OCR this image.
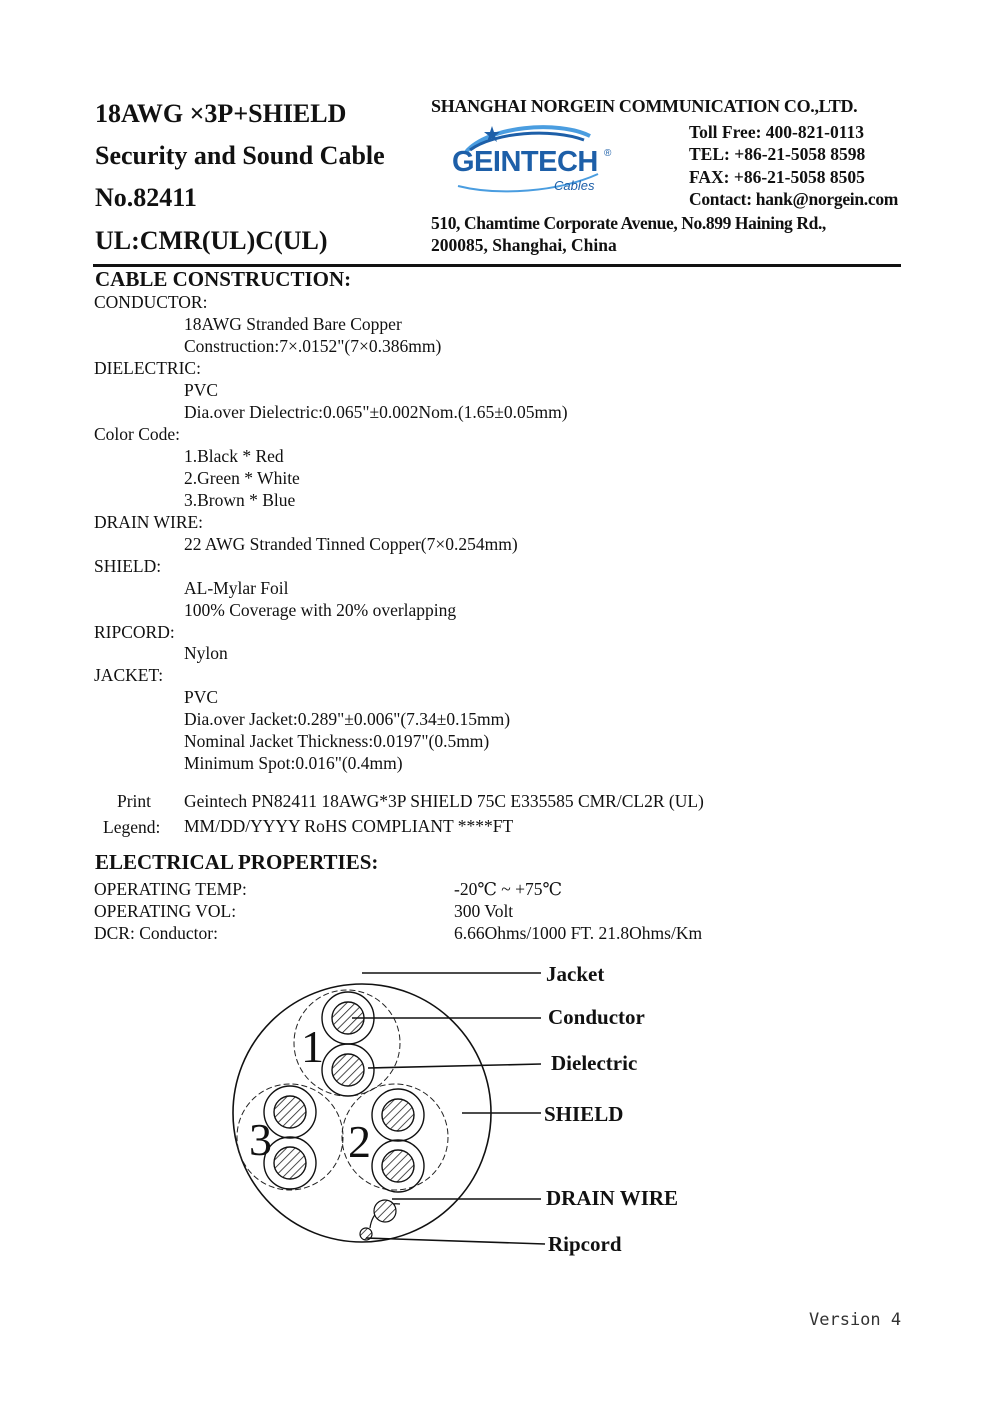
18AWG ×3P+SHIELD
Security and Sound Cable
No.82411
UL:CMR(UL)C(UL)
SHANGHAI NORGEIN COMMUNICATION CO.,LTD.
GEINTECH ®
Cables
Toll Free: 400-821-0113
TEL: +86-21-5058 8598
FAX: +86-21-5058 8505
Contact: hank@norgein.com
510, Chamtime Corporate Avenue, No.899 Haining Rd.,
200085, Shanghai, China
CABLE CONSTRUCTION:
CONDUCTOR:
18AWG Stranded Bare Copper
Construction:7×.0152"(7×0.386mm)
DIELECTRIC:
PVC
Dia.over Dielectric:0.065"±0.002Nom.(1.65±0.05mm)
Color Code:
1.Black * Red
2.Green * White
3.Brown * Blue
DRAIN WIRE:
22 AWG Stranded Tinned Copper(7×0.254mm)
SHIELD:
AL-Mylar Foil
100% Coverage with 20% overlapping
RIPCORD:
Nylon
JACKET:
PVC
Dia.over Jacket:0.289"±0.006"(7.34±0.15mm)
Nominal Jacket Thickness:0.0197"(0.5mm)
Minimum Spot:0.016"(0.4mm)
Print Geintech PN82411 18AWG*3P SHIELD 75C E335585 CMR/CL2R (UL)
Legend: MM/DD/YYYY RoHS COMPLIANT ****FT
ELECTRICAL PROPERTIES:
OPERATING TEMP:	-20℃ ~ +75℃
OPERATING VOL:	300 Volt
DCR: Conductor:	6.66Ohms/1000 FT. 21.8Ohms/Km
1
2
3
Jacket
Conductor
Dielectric
SHIELD
DRAIN WIRE
Ripcord
Version 4
